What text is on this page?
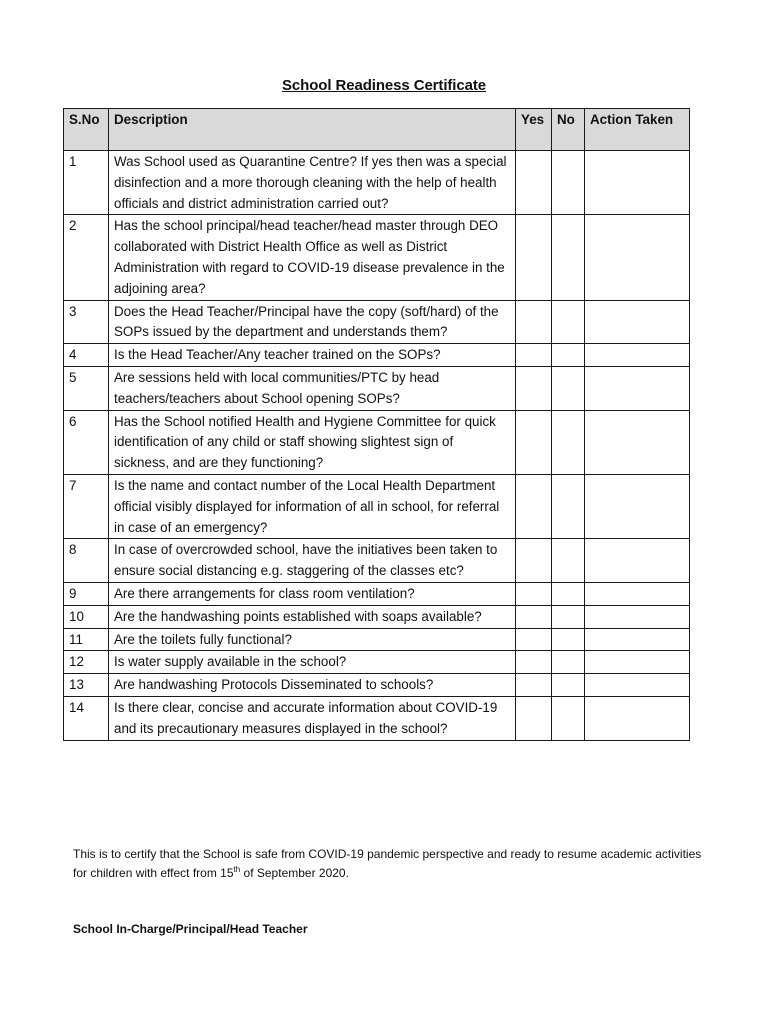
School Readiness Certificate
S.No	Description	Yes	No	Action Taken
1	Was School used as Quarantine Centre? If yes then was a special disinfection and a more thorough cleaning with the help of health officials and district administration carried out?			
2	Has the school principal/head teacher/head master through DEO collaborated with District Health Office as well as District Administration with regard to COVID-19 disease prevalence in the adjoining area?			
3	Does the Head Teacher/Principal have the copy (soft/hard) of the SOPs issued by the department and understands them?			
4	Is the Head Teacher/Any teacher trained on the SOPs?			
5	Are sessions held with local communities/PTC by head teachers/teachers about School opening SOPs?			
6	Has the School notified Health and Hygiene Committee for quick identification of any child or staff showing slightest sign of sickness, and are they functioning?			
7	Is the name and contact number of the Local Health Department official visibly displayed for information of all in school, for referral in case of an emergency?			
8	In case of overcrowded school, have the initiatives been taken to ensure social distancing e.g. staggering of the classes etc?			
9	Are there arrangements for class room ventilation?			
10	Are the handwashing points established with soaps available?			
11	Are the toilets fully functional?			
12	Is water supply available in the school?			
13	Are handwashing Protocols Disseminated to schools?			
14	Is there clear, concise and accurate information about COVID-19 and its precautionary measures displayed in the school?			
This is to certify that the School is safe from COVID-19 pandemic perspective and ready to resume academic activities for children with effect from 15th of September 2020.
School In-Charge/Principal/Head Teacher
